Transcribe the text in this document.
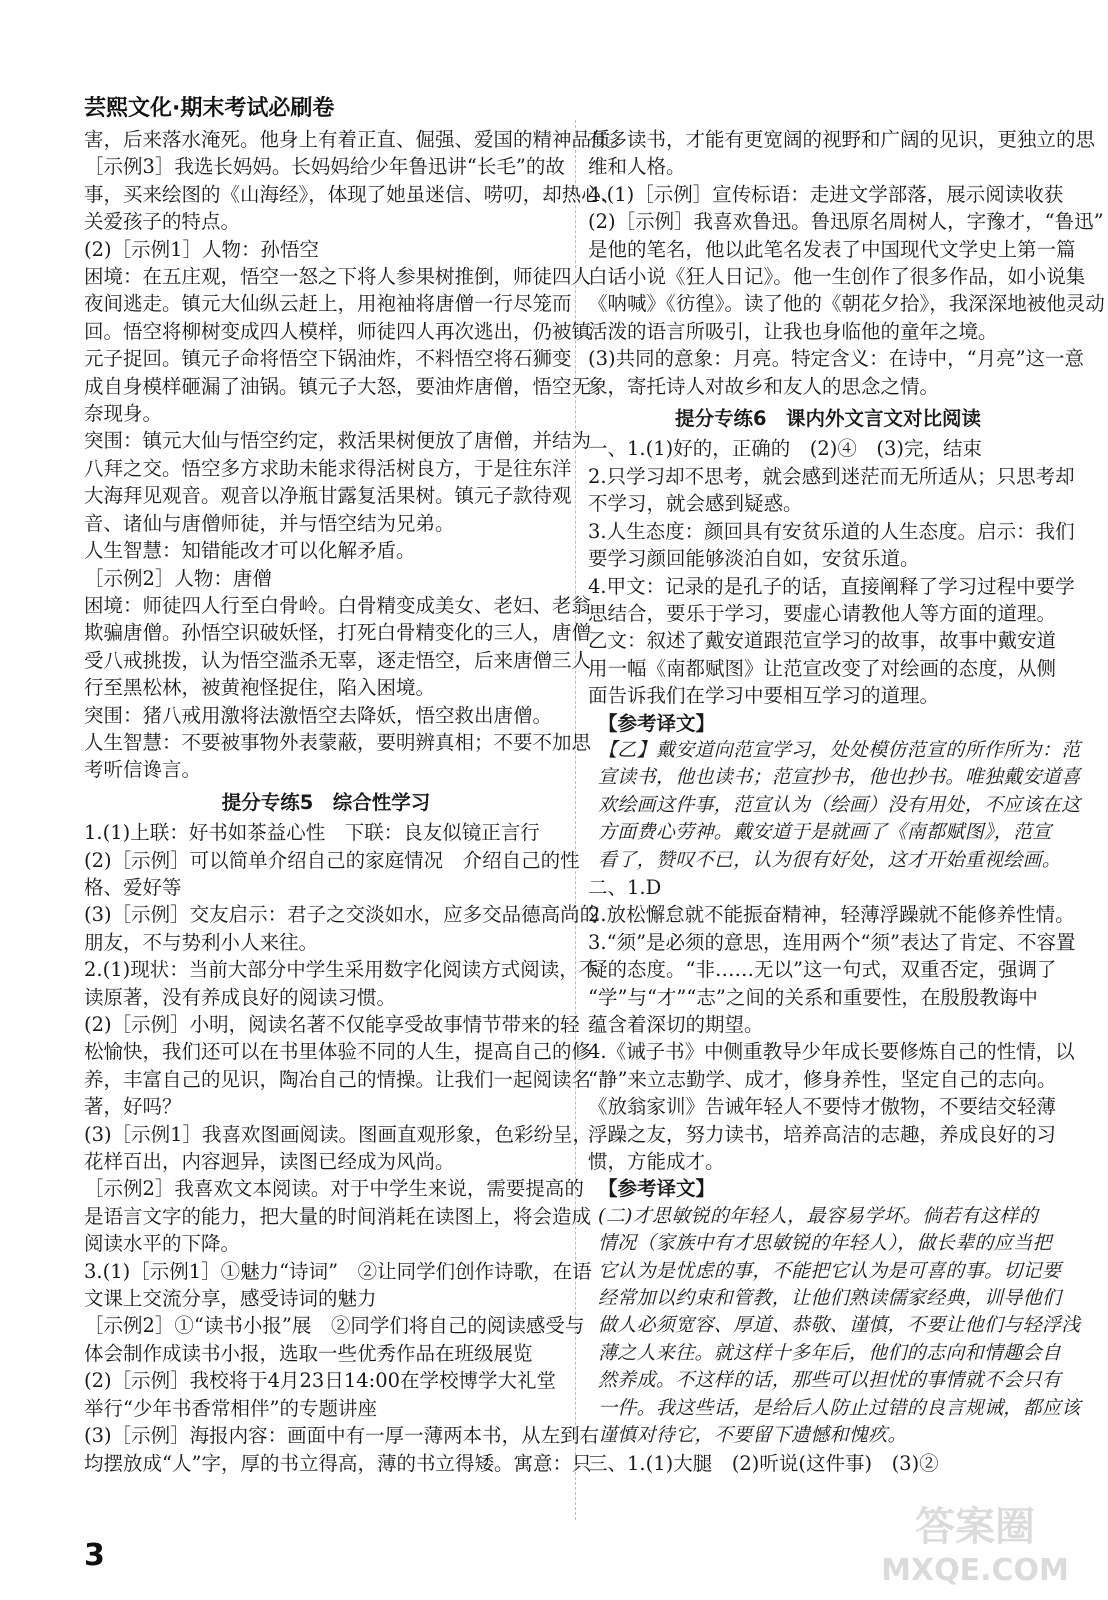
芸熙文化·期末考试必刷卷
害，后来落水淹死。他身上有着正直、倔强、爱国的精神品质。
［示例3］我选长妈妈。长妈妈给少年鲁迅讲“长毛”的故
事，买来绘图的《山海经》，体现了她虽迷信、唠叨，却热心、
关爱孩子的特点。
(2)［示例1］人物：孙悟空
困境：在五庄观，悟空一怒之下将人参果树推倒，师徒四人
夜间逃走。镇元大仙纵云赶上，用袍袖将唐僧一行尽笼而
回。悟空将柳树变成四人模样，师徒四人再次逃出，仍被镇
元子捉回。镇元子命将悟空下锅油炸，不料悟空将石狮变
成自身模样砸漏了油锅。镇元子大怒，要油炸唐僧，悟空无
奈现身。
突围：镇元大仙与悟空约定，救活果树便放了唐僧，并结为
八拜之交。悟空多方求助未能求得活树良方，于是往东洋
大海拜见观音。观音以净瓶甘露复活果树。镇元子款待观
音、诸仙与唐僧师徒，并与悟空结为兄弟。
人生智慧：知错能改才可以化解矛盾。
［示例2］人物：唐僧
困境：师徒四人行至白骨岭。白骨精变成美女、老妇、老翁
欺骗唐僧。孙悟空识破妖怪，打死白骨精变化的三人，唐僧
受八戒挑拨，认为悟空滥杀无辜，逐走悟空，后来唐僧三人
行至黑松林，被黄袍怪捉住，陷入困境。
突围：猪八戒用激将法激悟空去降妖，悟空救出唐僧。
人生智慧：不要被事物外表蒙蔽，要明辨真相；不要不加思
考听信谗言。
提分专练5　综合性学习
1.(1)上联：好书如茶益心性　下联：良友似镜正言行
(2)［示例］可以简单介绍自己的家庭情况　介绍自己的性
格、爱好等
(3)［示例］交友启示：君子之交淡如水，应多交品德高尚的
朋友，不与势利小人来往。
2.(1)现状：当前大部分中学生采用数字化阅读方式阅读，不
读原著，没有养成良好的阅读习惯。
(2)［示例］小明，阅读名著不仅能享受故事情节带来的轻
松愉快，我们还可以在书里体验不同的人生，提高自己的修
养，丰富自己的见识，陶冶自己的情操。让我们一起阅读名
著，好吗？
(3)［示例1］我喜欢图画阅读。图画直观形象，色彩纷呈，
花样百出，内容迥异，读图已经成为风尚。
［示例2］我喜欢文本阅读。对于中学生来说，需要提高的
是语言文字的能力，把大量的时间消耗在读图上，将会造成
阅读水平的下降。
3.(1)［示例1］①魅力“诗词”　②让同学们创作诗歌，在语
文课上交流分享，感受诗词的魅力
［示例2］①“读书小报”展　②同学们将自己的阅读感受与
体会制作成读书小报，选取一些优秀作品在班级展览
(2)［示例］我校将于4月23日14:00在学校博学大礼堂
举行“少年书香常相伴”的专题讲座
(3)［示例］海报内容：画面中有一厚一薄两本书，从左到右
均摆放成“人”字，厚的书立得高，薄的书立得矮。寓意：只
有多读书，才能有更宽阔的视野和广阔的见识，更独立的思
维和人格。
4.(1)［示例］宣传标语：走进文学部落，展示阅读收获
(2)［示例］我喜欢鲁迅。鲁迅原名周树人，字豫才，“鲁迅”
是他的笔名，他以此笔名发表了中国现代文学史上第一篇
白话小说《狂人日记》。他一生创作了很多作品，如小说集
《呐喊》《彷徨》。读了他的《朝花夕拾》，我深深地被他灵动
活泼的语言所吸引，让我也身临他的童年之境。
(3)共同的意象：月亮。特定含义：在诗中，“月亮”这一意
象，寄托诗人对故乡和友人的思念之情。
提分专练6　课内外文言文对比阅读
一、1.(1)好的，正确的　(2)④　(3)完，结束
2.只学习却不思考，就会感到迷茫而无所适从；只思考却
不学习，就会感到疑惑。
3.人生态度：颜回具有安贫乐道的人生态度。启示：我们
要学习颜回能够淡泊自如，安贫乐道。
4.甲文：记录的是孔子的话，直接阐释了学习过程中要学
思结合，要乐于学习，要虚心请教他人等方面的道理。
乙文：叙述了戴安道跟范宣学习的故事，故事中戴安道
用一幅《南都赋图》让范宣改变了对绘画的态度，从侧
面告诉我们在学习中要相互学习的道理。
【参考译文】
【乙】戴安道向范宣学习，处处模仿范宣的所作所为：范
宣读书，他也读书；范宣抄书，他也抄书。唯独戴安道喜
欢绘画这件事，范宣认为（绘画）没有用处，不应该在这
方面费心劳神。戴安道于是就画了《南都赋图》，范宣
看了，赞叹不已，认为很有好处，这才开始重视绘画。
二、1.D
2.放松懈怠就不能振奋精神，轻薄浮躁就不能修养性情。
3.“须”是必须的意思，连用两个“须”表达了肯定、不容置
疑的态度。“非……无以”这一句式，双重否定，强调了
“学”与“才”“志”之间的关系和重要性，在殷殷教诲中
蕴含着深切的期望。
4.《诫子书》中侧重教导少年成长要修炼自己的性情，以
“静”来立志勤学、成才，修身养性，坚定自己的志向。
《放翁家训》告诫年轻人不要恃才傲物，不要结交轻薄
浮躁之友，努力读书，培养高洁的志趣，养成良好的习
惯，方能成才。
【参考译文】
(二)才思敏锐的年轻人，最容易学坏。倘若有这样的
情况（家族中有才思敏锐的年轻人），做长辈的应当把
它认为是忧虑的事，不能把它认为是可喜的事。切记要
经常加以约束和管教，让他们熟读儒家经典，训导他们
做人必须宽容、厚道、恭敬、谨慎，不要让他们与轻浮浅
薄之人来往。就这样十多年后，他们的志向和情趣会自
然养成。不这样的话，那些可以担忧的事情就不会只有
一件。我这些话，是给后人防止过错的良言规诫，都应该
谨慎对待它，不要留下遗憾和愧疚。
三、1.(1)大腿　(2)听说(这件事)　(3)②
3
答案圈
MXQE.COM
